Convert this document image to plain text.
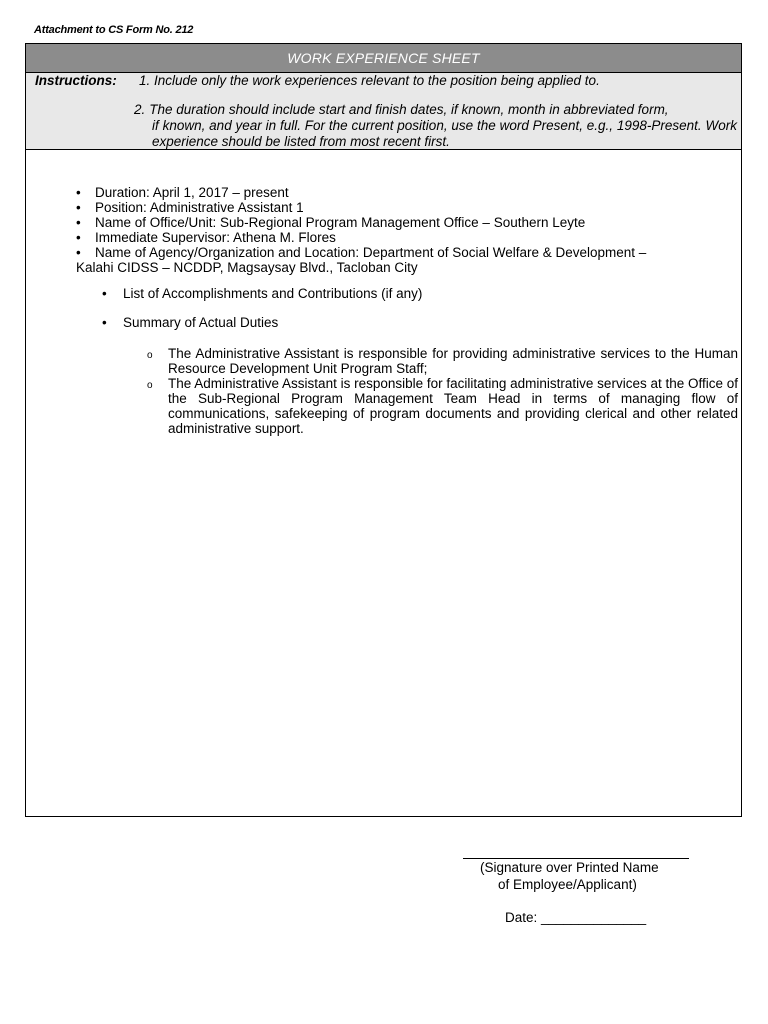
Attachment to CS Form No. 212
WORK EXPERIENCE SHEET
Instructions: 1. Include only the work experiences relevant to the position being applied to.
2. The duration should include start and finish dates, if known, month in abbreviated form,
if known, and year in full. For the current position, use the word Present, e.g., 1998-Present. Work experience should be listed from most recent first.
• Duration: April 1, 2017 – present
• Position: Administrative Assistant 1
• Name of Office/Unit: Sub-Regional Program Management Office – Southern Leyte
• Immediate Supervisor: Athena M. Flores
• Name of Agency/Organization and Location: Department of Social Welfare & Development –
Kalahi CIDSS – NCDDP, Magsaysay Blvd., Tacloban City
• List of Accomplishments and Contributions (if any)
• Summary of Actual Duties
o The Administrative Assistant is responsible for providing administrative services to the Human Resource Development Unit Program Staff;
o The Administrative Assistant is responsible for facilitating administrative services at the Office of the Sub-Regional Program Management Team Head in terms of managing flow of communications, safekeeping of program documents and providing clerical and other related administrative support.
(Signature over Printed Name
of Employee/Applicant)
Date: ______________
